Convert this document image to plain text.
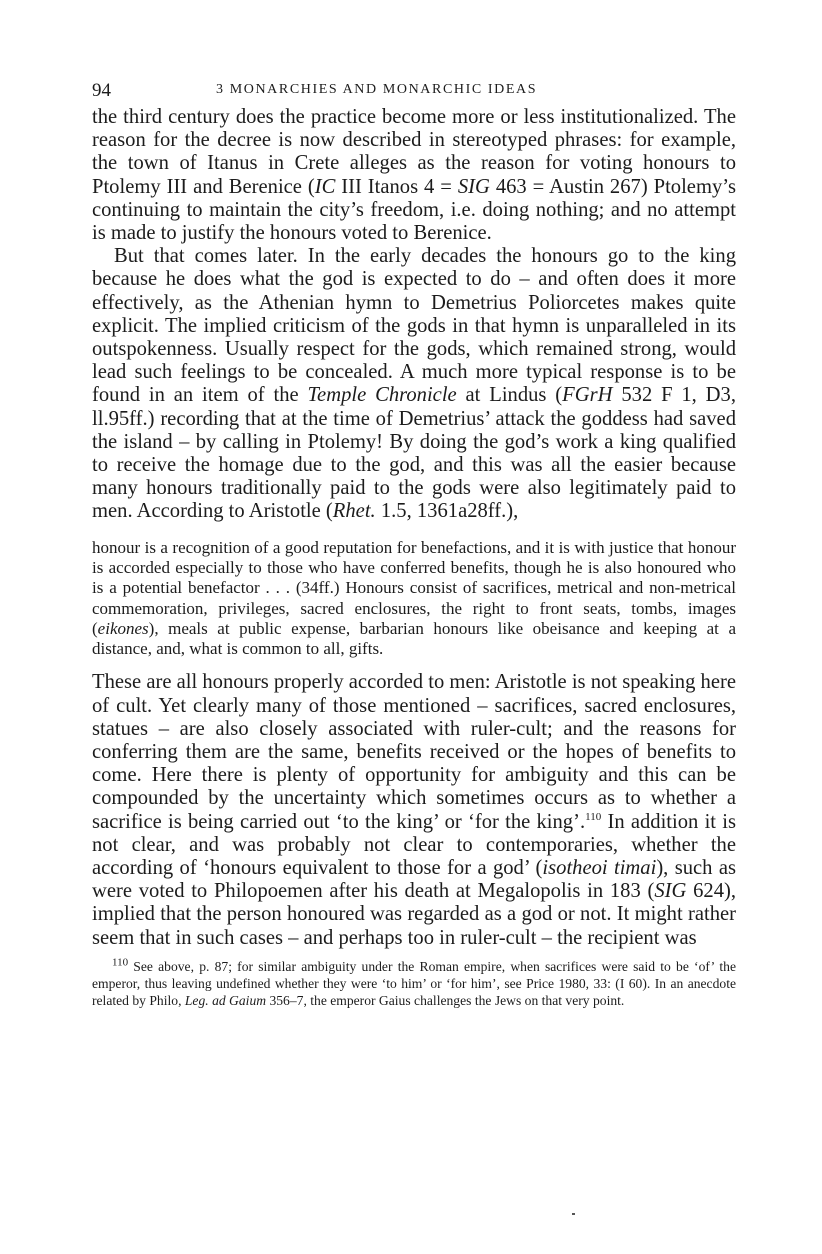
94	3 MONARCHIES AND MONARCHIC IDEAS

the third century does the practice become more or less institutionalized. The reason for the decree is now described in stereotyped phrases: for example, the town of Itanus in Crete alleges as the reason for voting honours to Ptolemy III and Berenice (IC III Itanos 4 = SIG 463 = Austin 267) Ptolemy’s continuing to maintain the city’s freedom, i.e. doing nothing; and no attempt is made to justify the honours voted to Berenice.

But that comes later. In the early decades the honours go to the king because he does what the god is expected to do – and often does it more effectively, as the Athenian hymn to Demetrius Poliorcetes makes quite explicit. The implied criticism of the gods in that hymn is unparalleled in its outspokenness. Usually respect for the gods, which remained strong, would lead such feelings to be concealed. A much more typical response is to be found in an item of the Temple Chronicle at Lindus (FGrH 532 F 1, D3, ll.95ff.) recording that at the time of Demetrius’ attack the goddess had saved the island – by calling in Ptolemy! By doing the god’s work a king qualified to receive the homage due to the god, and this was all the easier because many honours traditionally paid to the gods were also legitimately paid to men. According to Aristotle (Rhet. 1.5, 1361a28ff.),

honour is a recognition of a good reputation for benefactions, and it is with justice that honour is accorded especially to those who have conferred benefits, though he is also honoured who is a potential benefactor . . . (34ff.) Honours consist of sacrifices, metrical and non-metrical commemoration, privileges, sacred enclosures, the right to front seats, tombs, images (eikones), meals at public expense, barbarian honours like obeisance and keeping at a distance, and, what is common to all, gifts.

These are all honours properly accorded to men: Aristotle is not speaking here of cult. Yet clearly many of those mentioned – sacrifices, sacred enclosures, statues – are also closely associated with ruler-cult; and the reasons for conferring them are the same, benefits received or the hopes of benefits to come. Here there is plenty of opportunity for ambiguity and this can be compounded by the uncertainty which sometimes occurs as to whether a sacrifice is being carried out ‘to the king’ or ‘for the king’.$^{110}$ In addition it is not clear, and was probably not clear to contemporaries, whether the according of ‘honours equivalent to those for a god’ (isotheoi timai), such as were voted to Philopoemen after his death at Megalopolis in 183 (SIG 624), implied that the person honoured was regarded as a god or not. It might rather seem that in such cases – and perhaps too in ruler-cult – the recipient was

$^{110}$ See above, p. 87; for similar ambiguity under the Roman empire, when sacrifices were said to be ‘of’ the emperor, thus leaving undefined whether they were ‘to him’ or ‘for him’, see Price 1980, 33: (I 60). In an anecdote related by Philo, Leg. ad Gaium 356–7, the emperor Gaius challenges the Jews on that very point.
